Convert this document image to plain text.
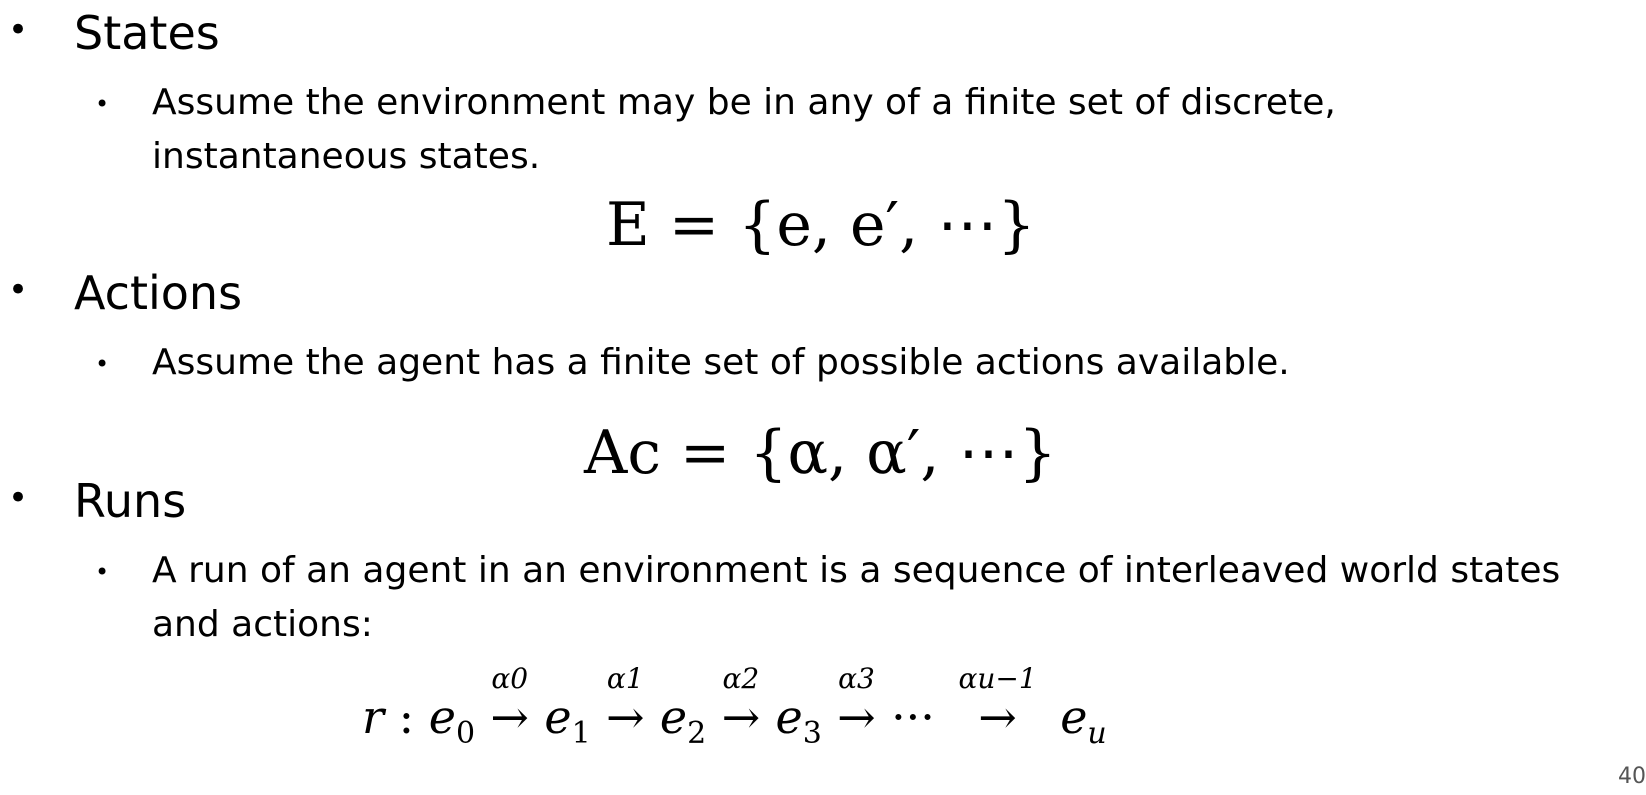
• States
• Assume the environment may be in any of a finite set of discrete,
instantaneous states.
E = {e, e′, ⋯}
• Actions
• Assume the agent has a finite set of possible actions available.
Ac = {α, α′, ⋯}
• Runs
• A run of an agent in an environment is a sequence of interleaved world states
and actions:
r : $e_0$
α0
→ $e_1$
α1
→ $e_2$
α2
→ $e_3$
α3
→ ···
αu−1
→ $e_u$
40
